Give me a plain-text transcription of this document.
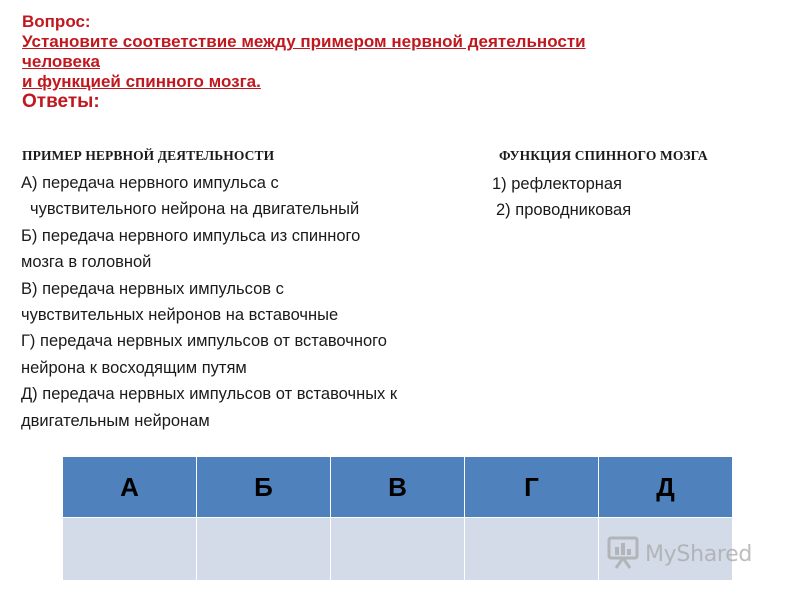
Вопрос:
Установите соответствие между примером нервной деятельности
человека
и функцией спинного мозга.
Ответы:
ПРИМЕР НЕРВНОЙ ДЕЯТЕЛЬНОСТИ	ФУНКЦИЯ СПИННОГО МОЗГА
А) передача нервного импульса с
чувствительного нейрона на двигательный
Б) передача нервного импульса из спинного
мозга в головной
В) передача нервных импульсов с
чувствительных нейронов на вставочные
Г) передача нервных импульсов от вставочного
нейрона к восходящим путям
Д) передача нервных импульсов от вставочных к
двигательным нейронам
1) рефлекторная
2) проводниковая
А	Б	В	Г	Д

MyShared
